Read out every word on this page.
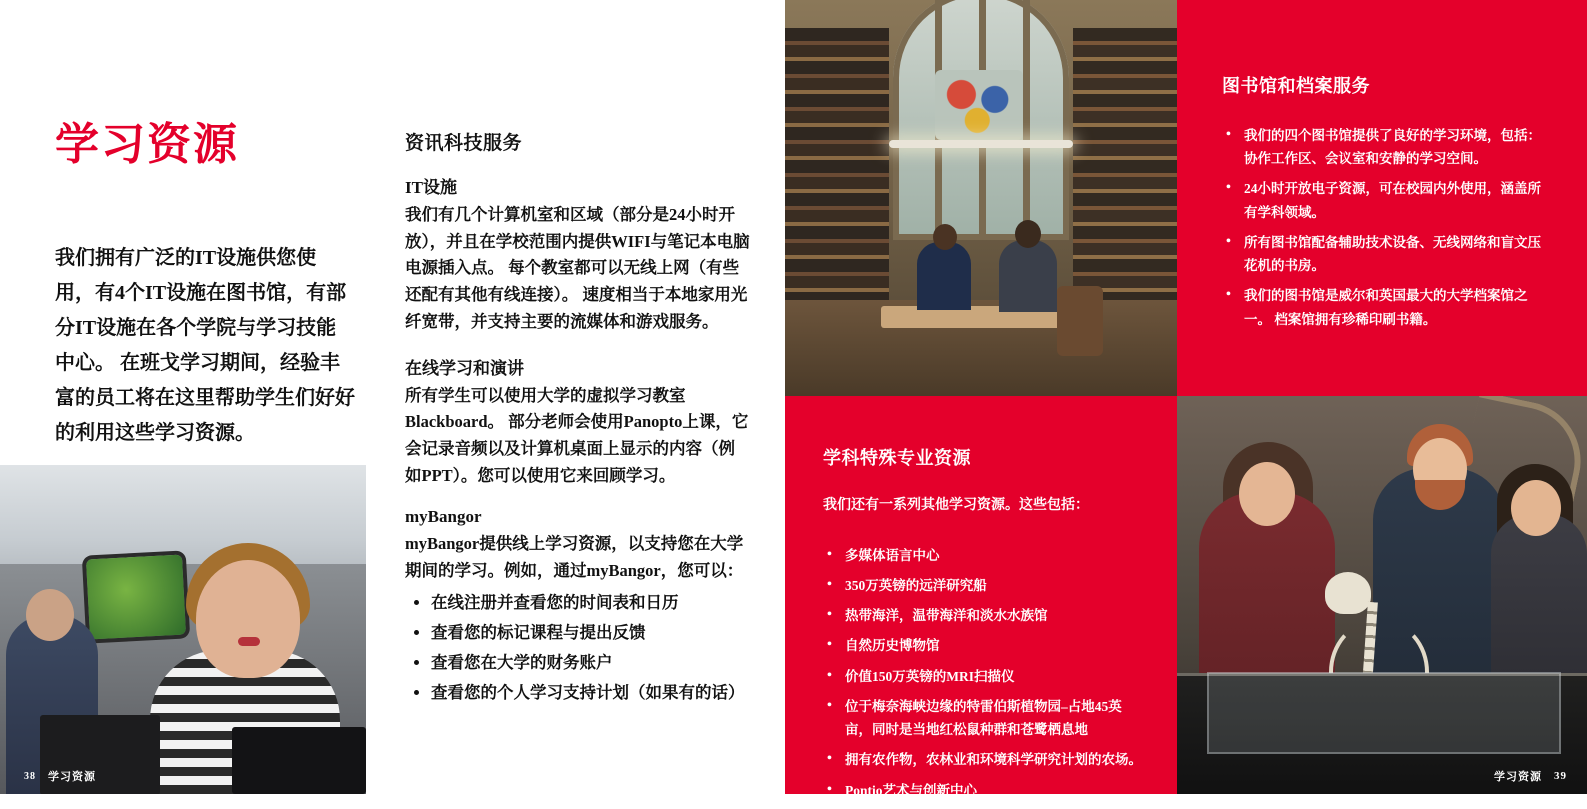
学习资源

我们拥有广泛的IT设施供您使用，有4个IT设施在图书馆，有部分IT设施在各个学院与学习技能中心。 在班戈学习期间，经验丰富的员工将在这里帮助学生们好好的利用这些学习资源。

38 学习资源
资讯科技服务
IT设施

我们有几个计算机室和区域（部分是24小时开放），并且在学校范围内提供WIFI与笔记本电脑电源插入点。 每个教室都可以无线上网（有些还配有其他有线连接）。 速度相当于本地家用光纤宽带，并支持主要的流媒体和游戏服务。

在线学习和演讲

所有学生可以使用大学的虚拟学习教室Blackboard。 部分老师会使用Panopto上课，它会记录音频以及计算机桌面上显示的内容（例如PPT）。您可以使用它来回顾学习。

myBangor

myBangor提供线上学习资源，以支持您在大学期间的学习。例如，通过myBangor，您可以：

• 在线注册并查看您的时间表和日历
• 查看您的标记课程与提出反馈
• 查看您在大学的财务账户
• 查看您的个人学习支持计划（如果有的话）
图书馆和档案服务
• 我们的四个图书馆提供了良好的学习环境，包括：协作工作区、会议室和安静的学习空间。
• 24小时开放电子资源，可在校园内外使用，涵盖所有学科领域。
• 所有图书馆配备辅助技术设备、无线网络和盲文压花机的书房。
• 我们的图书馆是威尔和英国最大的大学档案馆之一。 档案馆拥有珍稀印刷书籍。
学科特殊专业资源

我们还有一系列其他学习资源。这些包括：

• 多媒体语言中心
• 350万英镑的远洋研究船
• 热带海洋，温带海洋和淡水水族馆
• 自然历史博物馆
• 价值150万英镑的MRI扫描仪
• 位于梅奈海峡边缘的特雷伯斯植物园–占地45英亩，同时是当地红松鼠种群和苍鹭栖息地
• 拥有农作物，农林业和环境科学研究计划的农场。
• Pontio艺术与创新中心
学习资源 39
